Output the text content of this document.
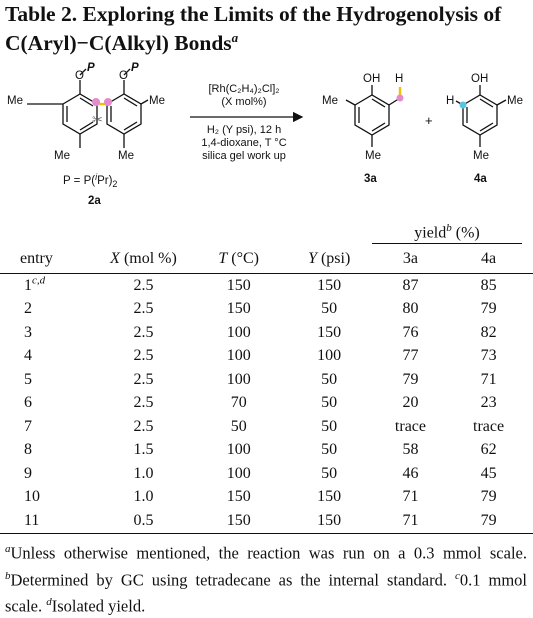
Table 2. Exploring the Limits of the Hydrogenolysis of C(Aryl)−C(Alkyl) Bonds$^a$
✂
P	P
O	O
Me	Me
Me	Me
$P = P(^iPr)_2$
2a
[Rh(C₂H₄)₂Cl]₂
(X mol%)
H₂ (Y psi), 12 h
1,4-dioxane, T °C
silica gel work up
OH H
Me
Me
3a
+
OH
H	Me
Me
4a
yield$^b$ (%)
entry	X (mol %)	T (°C)	Y (psi)	3a	4a
1$^{c,d}$	2.5	150	150	87	85
2	2.5	150	50	80	79
3	2.5	100	150	76	82
4	2.5	100	100	77	73
5	2.5	100	50	79	71
6	2.5	70	50	20	23
7	2.5	50	50	trace	trace
8	1.5	100	50	58	62
9	1.0	100	50	46	45
10	1.0	150	150	71	79
11	0.5	150	150	71	79
$^a$Unless otherwise mentioned, the reaction was run on a 0.3 mmol scale. $^b$Determined by GC using tetradecane as the internal standard. $^c$0.1 mmol scale. $^d$Isolated yield.
